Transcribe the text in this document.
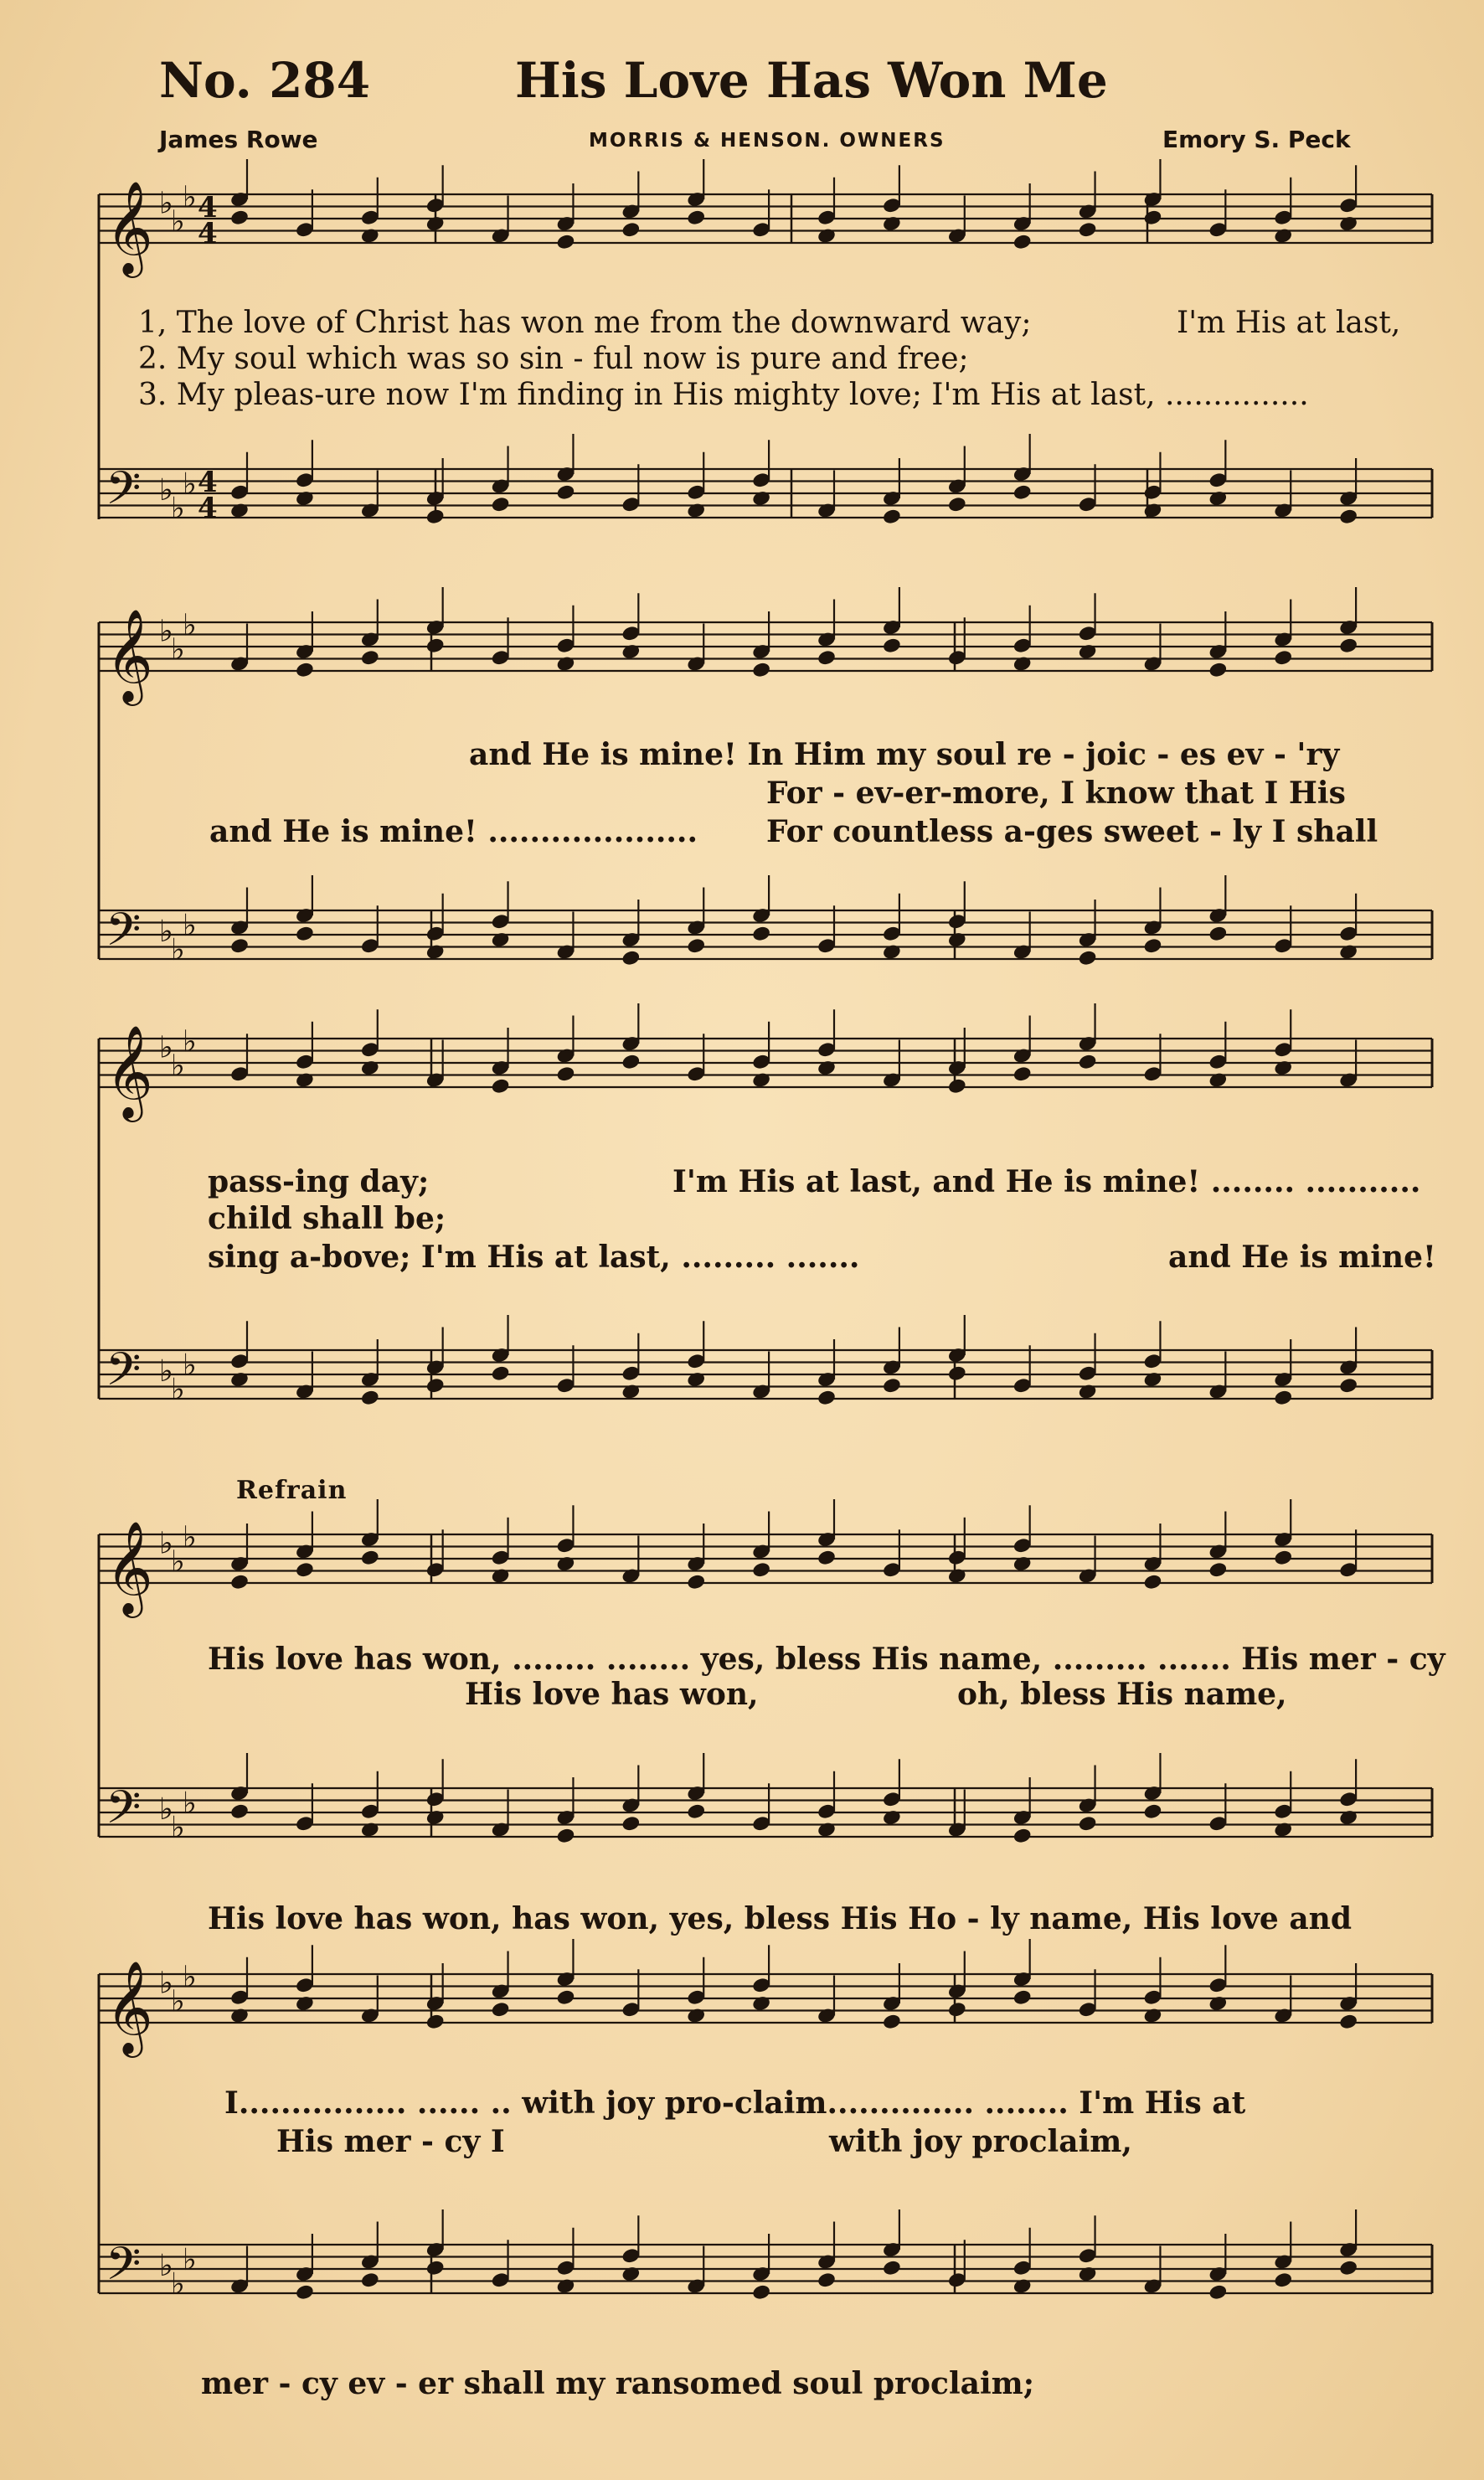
No. 284	His Love Has Won Me
James Rowe	MORRIS & HENSON. OWNERS	Emory S. Peck
𝄞 ♭
♭
♭ 4
4
𝄢 ♭
♭
♭ 4
4
𝄞 ♭
♭
♭
𝄢 ♭
♭
♭
𝄞 ♭
♭
♭
𝄢 ♭
♭
♭
𝄞 ♭
♭
♭
𝄢 ♭
♭
♭
𝄞 ♭
♭
♭
𝄢 ♭
♭
♭
1, The love of Christ has won me from the downward way;	I'm His at last,
2. My soul which was so sin - ful now is pure and free;
3. My pleas-ure now I'm finding in His mighty love; I'm His at last, ...............
and He is mine! In Him my soul re - joic - es ev - 'ry
For - ev-er-more, I know that I His
and He is mine! .................... For countless a-ges sweet - ly I shall
pass-ing day;	I'm His at last, and He is mine! ........ ...........
child shall be;
sing a-bove; I'm His at last, ......... .......	and He is mine!
Refrain
His love has won, ........ ........ yes, bless His name, ......... ....... His mer - cy
His love has won,	oh, bless His name,
His love has won, has won, yes, bless His Ho - ly name, His love and
I................ ...... .. with joy pro-claim.............. ........ I'm His at
His mer - cy I	with joy proclaim,
mer - cy ev - er shall my ransomed soul proclaim;
